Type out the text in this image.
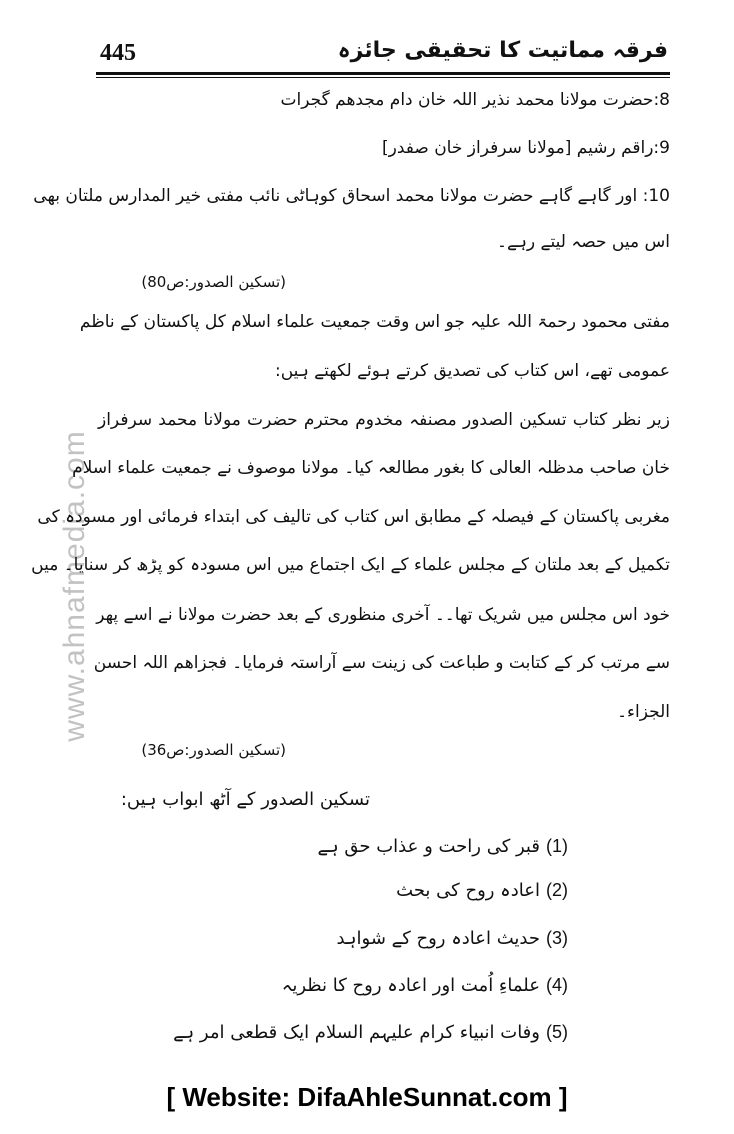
445	فرقہ مماتیت کا تحقیقی جائزہ
www.ahnafmedia.com
8:حضرت مولانا محمد نذیر اللہ خان دام مجدھم گجرات
9:راقم رشیم [مولانا سرفراز خان صفدر]
10: اور گاہے گاہے حضرت مولانا محمد اسحاق کوہاٹی نائب مفتی خیر المدارس ملتان بھی
اس میں حصہ لیتے رہے۔
(تسکین الصدور:ص80)
مفتی محمود رحمۃ اللہ علیہ جو اس وقت جمعیت علماء اسلام کل پاکستان کے ناظم
عمومی تھے، اس کتاب کی تصدیق کرتے ہوئے لکھتے ہیں:
زیر نظر کتاب تسکین الصدور مصنفہ مخدوم محترم حضرت مولانا محمد سرفراز
خان صاحب مدظلہ العالی کا بغور مطالعہ کیا۔ مولانا موصوف نے جمعیت علماء اسلام
مغربی پاکستان کے فیصلہ کے مطابق اس کتاب کی تالیف کی ابتداء فرمائی اور مسودہ کی
تکمیل کے بعد ملتان کے مجلس علماء کے ایک اجتماع میں اس مسودہ کو پڑھ کر سنایا۔ میں
خود اس مجلس میں شریک تھا۔۔ آخری منظوری کے بعد حضرت مولانا نے اسے پھر
سے مرتب کر کے کتابت و طباعت کی زینت سے آراستہ فرمایا۔ فجزاھم اللہ احسن
الجزاء۔
(تسکین الصدور:ص36)
تسکین الصدور کے آٹھ ابواب ہیں:
(1)قبر کی راحت و عذاب حق ہے
(2)اعادہ روح کی بحث
(3)حدیث اعادہ روح کے شواہد
(4)علماءِ اُمت اور اعادہ روح کا نظریہ
(5)وفات انبیاء کرام علیہم السلام ایک قطعی امر ہے
[ Website: DifaAhleSunnat.com ]
